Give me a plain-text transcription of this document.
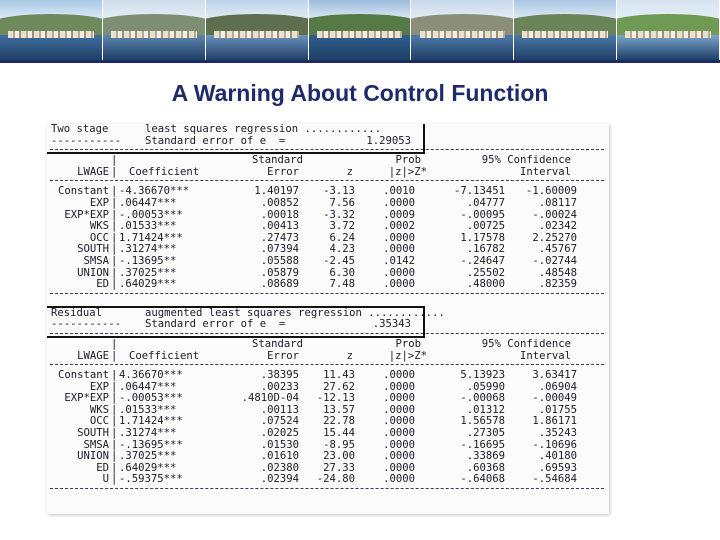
A Warning About Control Function
Two stage	least squares regression ............
----------- Standard error of e  =	1.29053
|	Standard	Prob	95% Confidence
LWAGE | Coefficient	Error	z	|z|>Z*	Interval
Constant | -4.36670***	1.40197	-3.13	.0010	-7.13451	-1.60009
EXP | .06447***	.00852	7.56	.0000	.04777	.08117
EXP*EXP | -.00053***	.00018	-3.32	.0009	-.00095	-.00024
WKS | .01533***	.00413	3.72	.0002	.00725	.02342
OCC | 1.71424***	.27473	6.24	.0000	1.17578	2.25270
SOUTH | .31274***	.07394	4.23	.0000	.16782	.45767
SMSA | -.13695**	.05588	-2.45	.0142	-.24647	-.02744
UNION | .37025***	.05879	6.30	.0000	.25502	.48548
ED | .64029***	.08689	7.48	.0000	.48000	.82359
Residual	augmented least squares regression ............
----------- Standard error of e  =	.35343
|	Standard	Prob	95% Confidence
LWAGE | Coefficient	Error	z	|z|>Z*	Interval
Constant | 4.36670***	.38395	11.43	.0000	5.13923	3.63417
EXP | .06447***	.00233	27.62	.0000	.05990	.06904
EXP*EXP | -.00053***	.4810D-04	-12.13	.0000	-.00068	-.00049
WKS | .01533***	.00113	13.57	.0000	.01312	.01755
OCC | 1.71424***	.07524	22.78	.0000	1.56578	1.86171
SOUTH | .31274***	.02025	15.44	.0000	.27305	.35243
SMSA | -.13695***	.01530	-8.95	.0000	-.16695	-.10696
UNION | .37025***	.01610	23.00	.0000	.33869	.40180
ED | .64029***	.02380	27.33	.0000	.60368	.69593
U | -.59375***	.02394	-24.80	.0000	-.64068	-.54684
